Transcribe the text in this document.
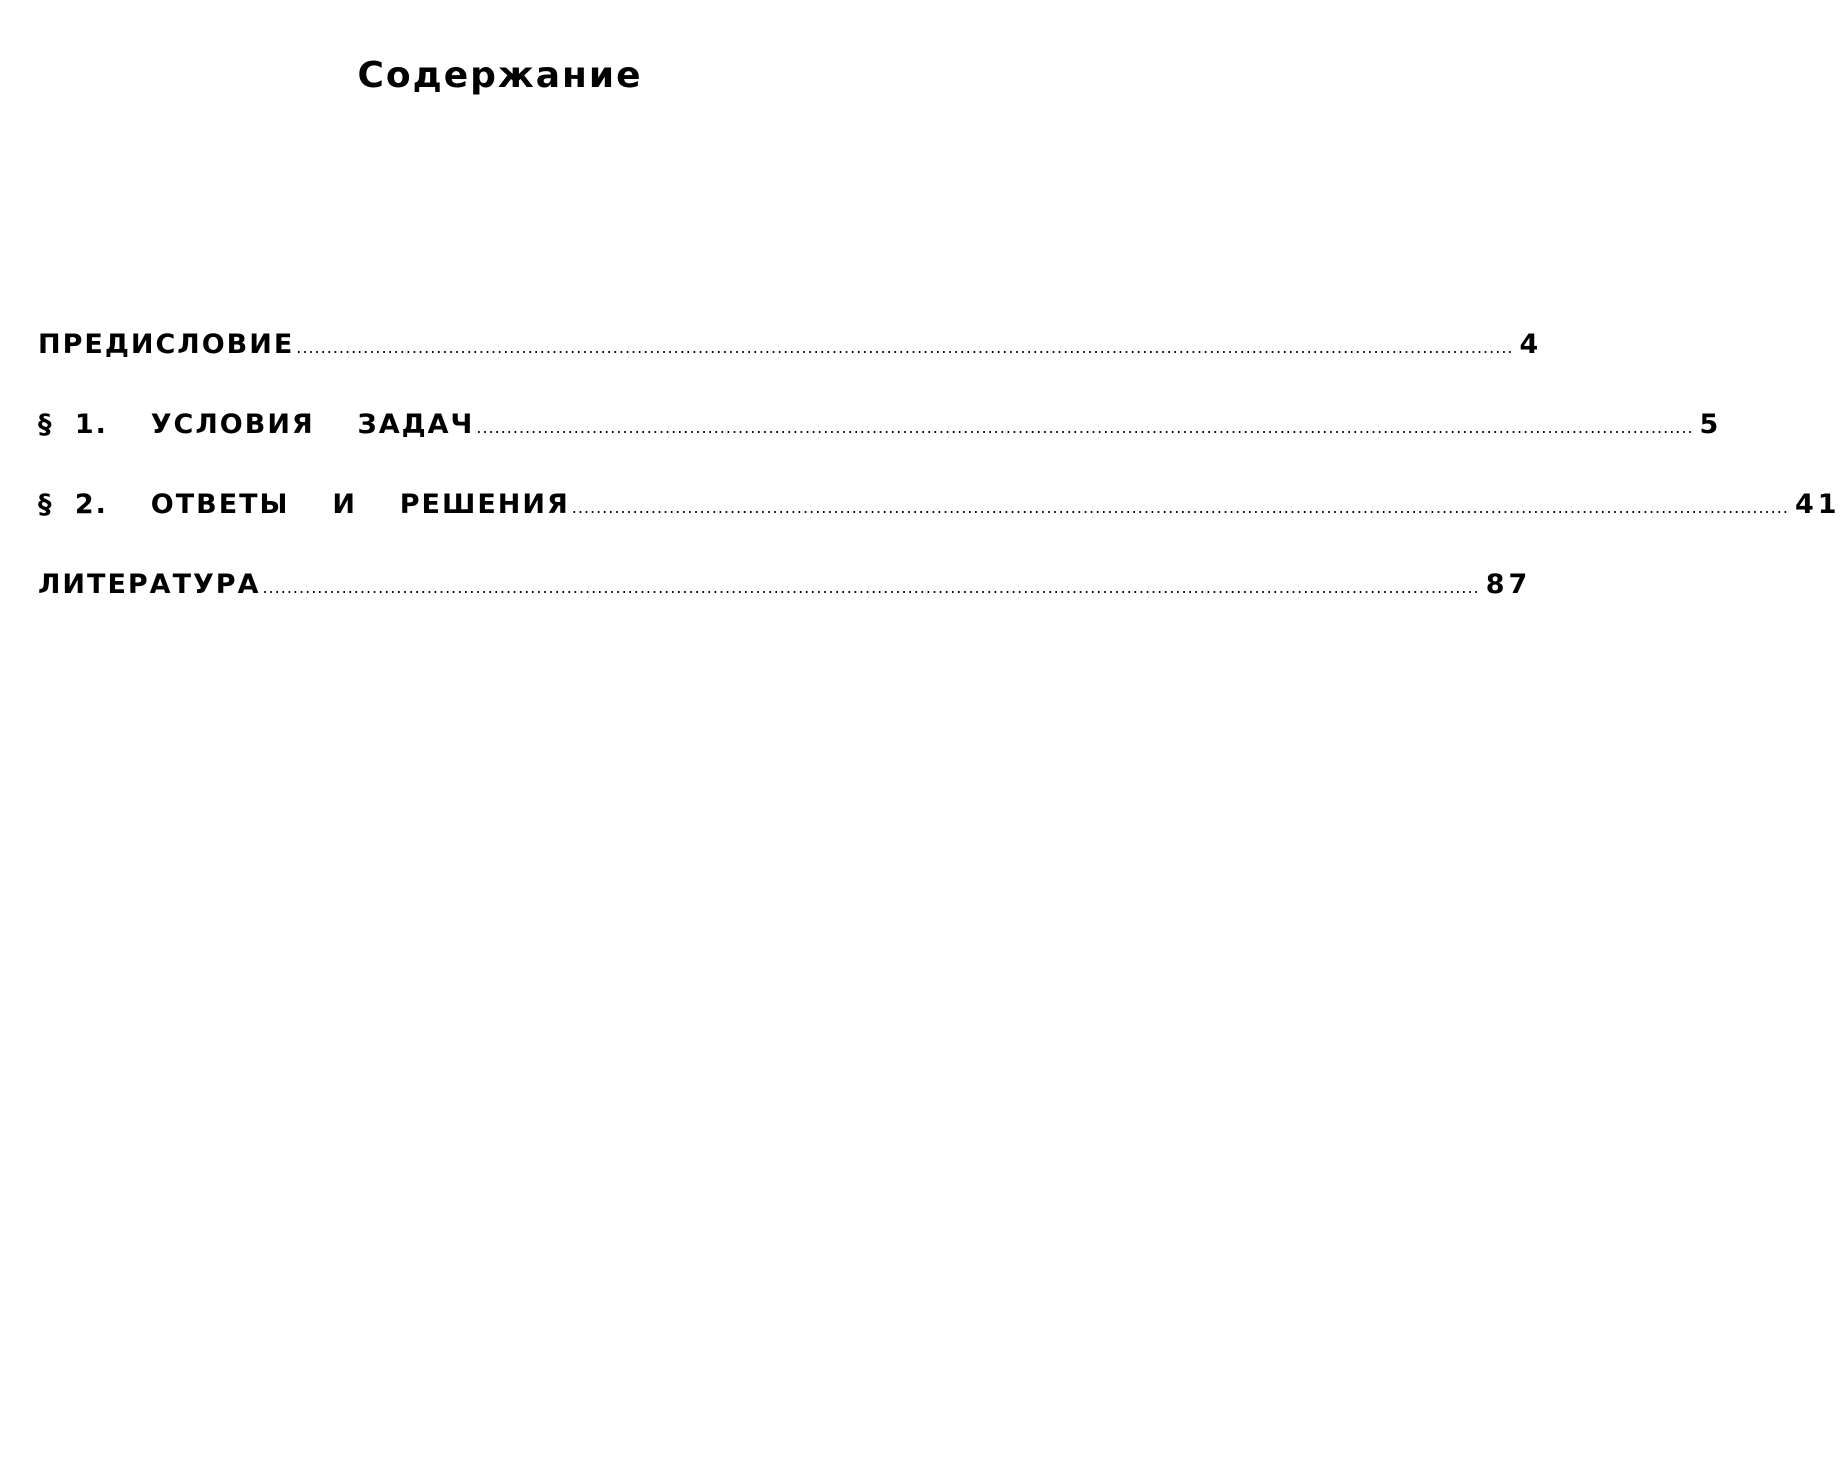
Содержание
ПРЕДИСЛОВИЕ ........................................................................................................................................................................................................ 4
§ 1.  УСЛОВИЯ  ЗАДАЧ ........................................................................................................................................................................................................ 5
§ 2.  ОТВЕТЫ  И  РЕШЕНИЯ ........................................................................................................................................................................................................ 41
ЛИТЕРАТУРА ........................................................................................................................................................................................................ 87
